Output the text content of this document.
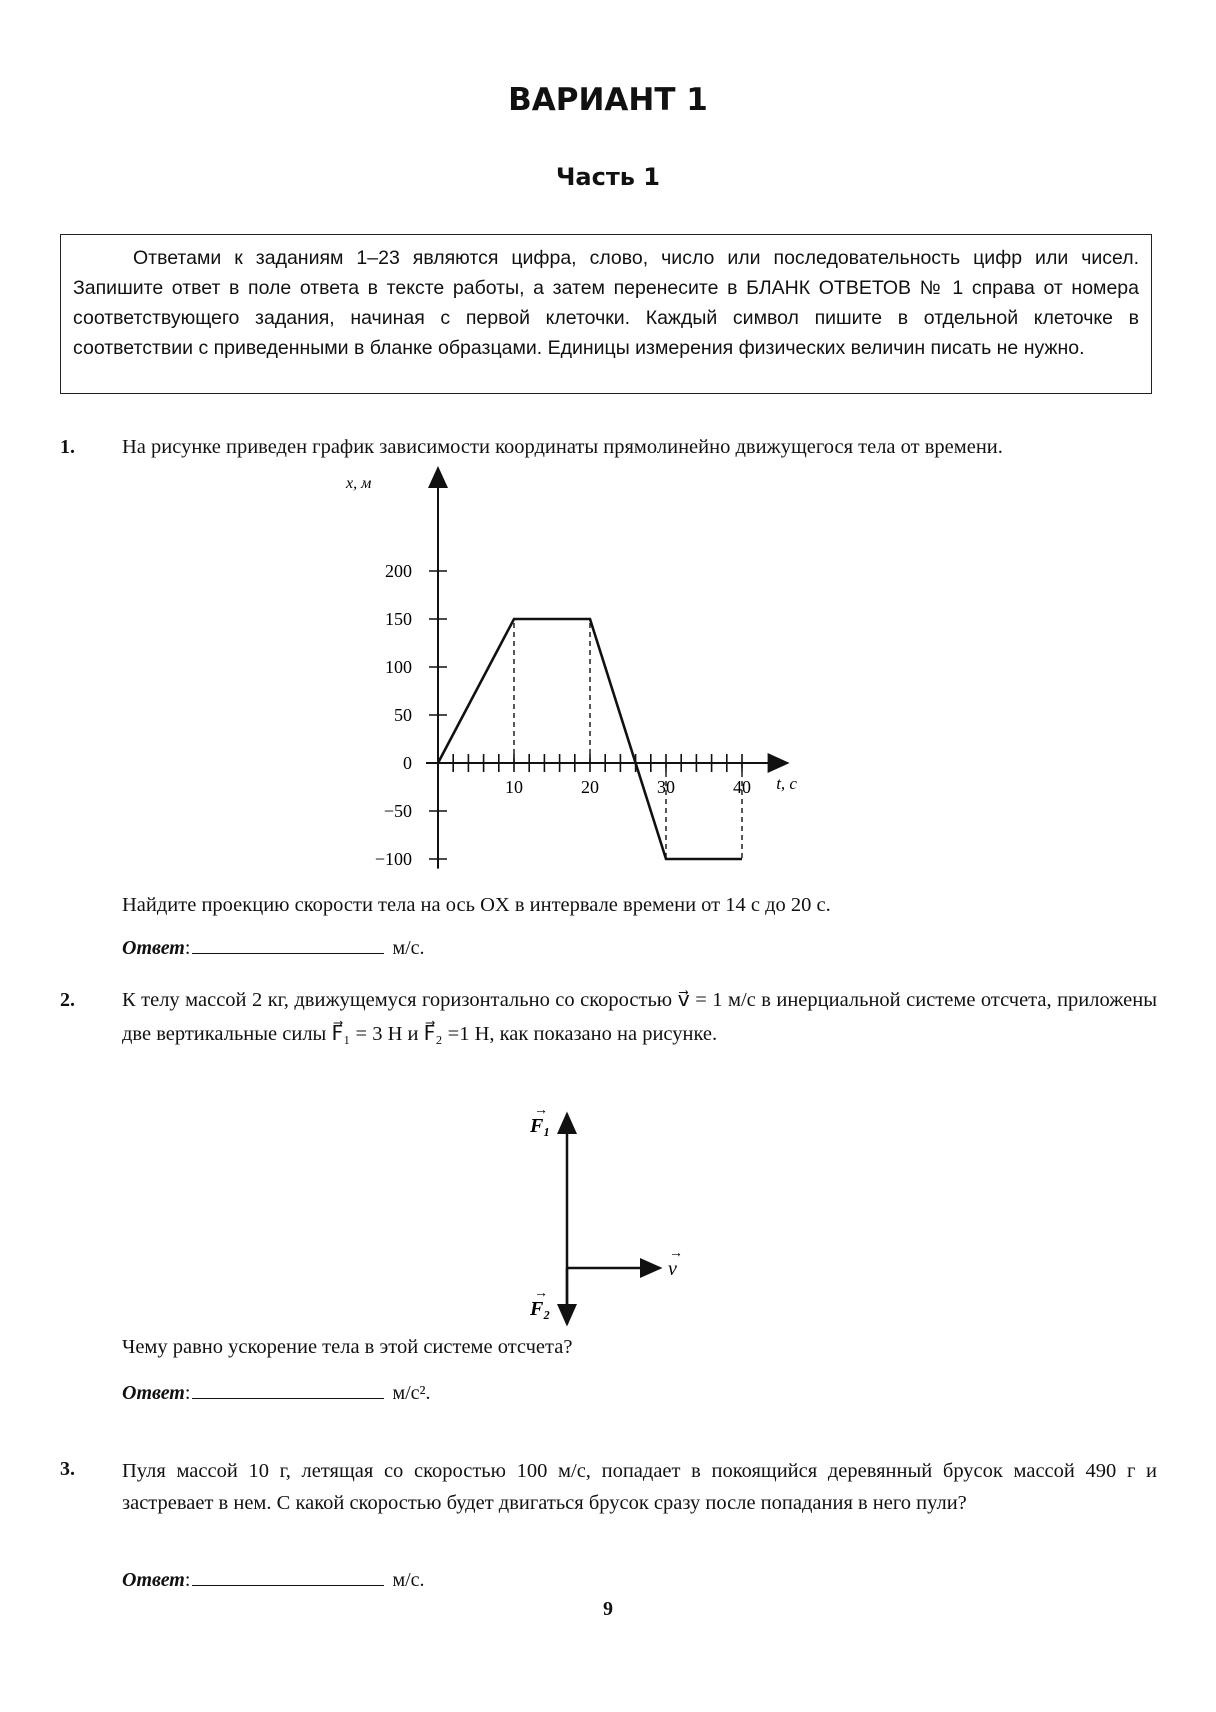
ВАРИАНТ 1
Часть 1
Ответами к заданиям 1–23 являются цифра, слово, число или последовательность цифр или чисел. Запишите ответ в поле ответа в тексте работы, а затем перенесите в БЛАНК ОТВЕТОВ № 1 справа от номера соответствующего задания, начиная с первой клеточки. Каждый символ пишите в отдельной клеточке в соответствии с приведенными в бланке образцами. Единицы измерения физических величин писать не нужно.
1. На рисунке приведен график зависимости координаты прямолинейно движущегося тела от времени.
200
150
100
50
0
−50
−100
10	20	30	40
x, м
t, с
Найдите проекцию скорости тела на ось OX в интервале времени от 14 с до 20 с.
Ответ:	м/с.
2. К телу массой 2 кг, движущемуся горизонтально со скоростью v⃗ = 1 м/с в инерциальной системе отсчета, приложены две вертикальные силы F⃗₁ = 3 Н и F⃗₂ =1 Н, как показано на рисунке.
F₁
F₂
v
→
→
→
Чему равно ускорение тела в этой системе отсчета?
Ответ:	м/с².
3. Пуля массой 10 г, летящая со скоростью 100 м/с, попадает в покоящийся деревянный брусок массой 490 г и застревает в нем. С какой скоростью будет двигаться брусок сразу после попадания в него пули?
Ответ:	м/с.
9
